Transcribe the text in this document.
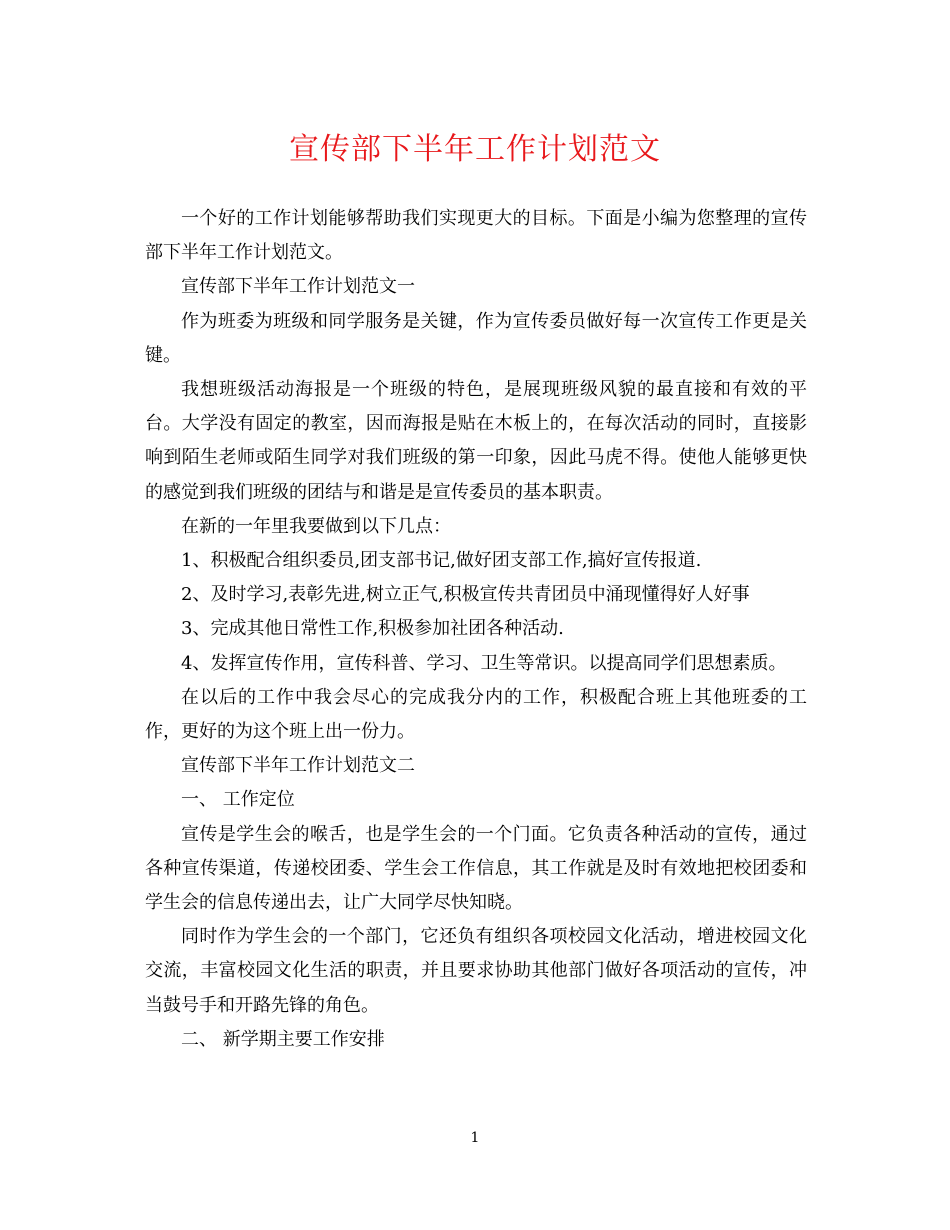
宣传部下半年工作计划范文

一个好的工作计划能够帮助我们实现更大的目标。下面是小编为您整理的宣传部下半年工作计划范文。

宣传部下半年工作计划范文一

作为班委为班级和同学服务是关键，作为宣传委员做好每一次宣传工作更是关键。

我想班级活动海报是一个班级的特色，是展现班级风貌的最直接和有效的平台。大学没有固定的教室，因而海报是贴在木板上的，在每次活动的同时，直接影响到陌生老师或陌生同学对我们班级的第一印象，因此马虎不得。使他人能够更快的感觉到我们班级的团结与和谐是是宣传委员的基本职责。

在新的一年里我要做到以下几点：

1、积极配合组织委员,团支部书记,做好团支部工作,搞好宣传报道.

2、及时学习,表彰先进,树立正气,积极宣传共青团员中涌现懂得好人好事

3、完成其他日常性工作,积极参加社团各种活动.

4、发挥宣传作用，宣传科普、学习、卫生等常识。以提高同学们思想素质。

在以后的工作中我会尽心的完成我分内的工作，积极配合班上其他班委的工作，更好的为这个班上出一份力。

宣传部下半年工作计划范文二

一、 工作定位

宣传是学生会的喉舌，也是学生会的一个门面。它负责各种活动的宣传，通过各种宣传渠道，传递校团委、学生会工作信息，其工作就是及时有效地把校团委和学生会的信息传递出去，让广大同学尽快知晓。

同时作为学生会的一个部门，它还负有组织各项校园文化活动，增进校园文化交流，丰富校园文化生活的职责，并且要求协助其他部门做好各项活动的宣传，冲当鼓号手和开路先锋的角色。

二、 新学期主要工作安排

1
